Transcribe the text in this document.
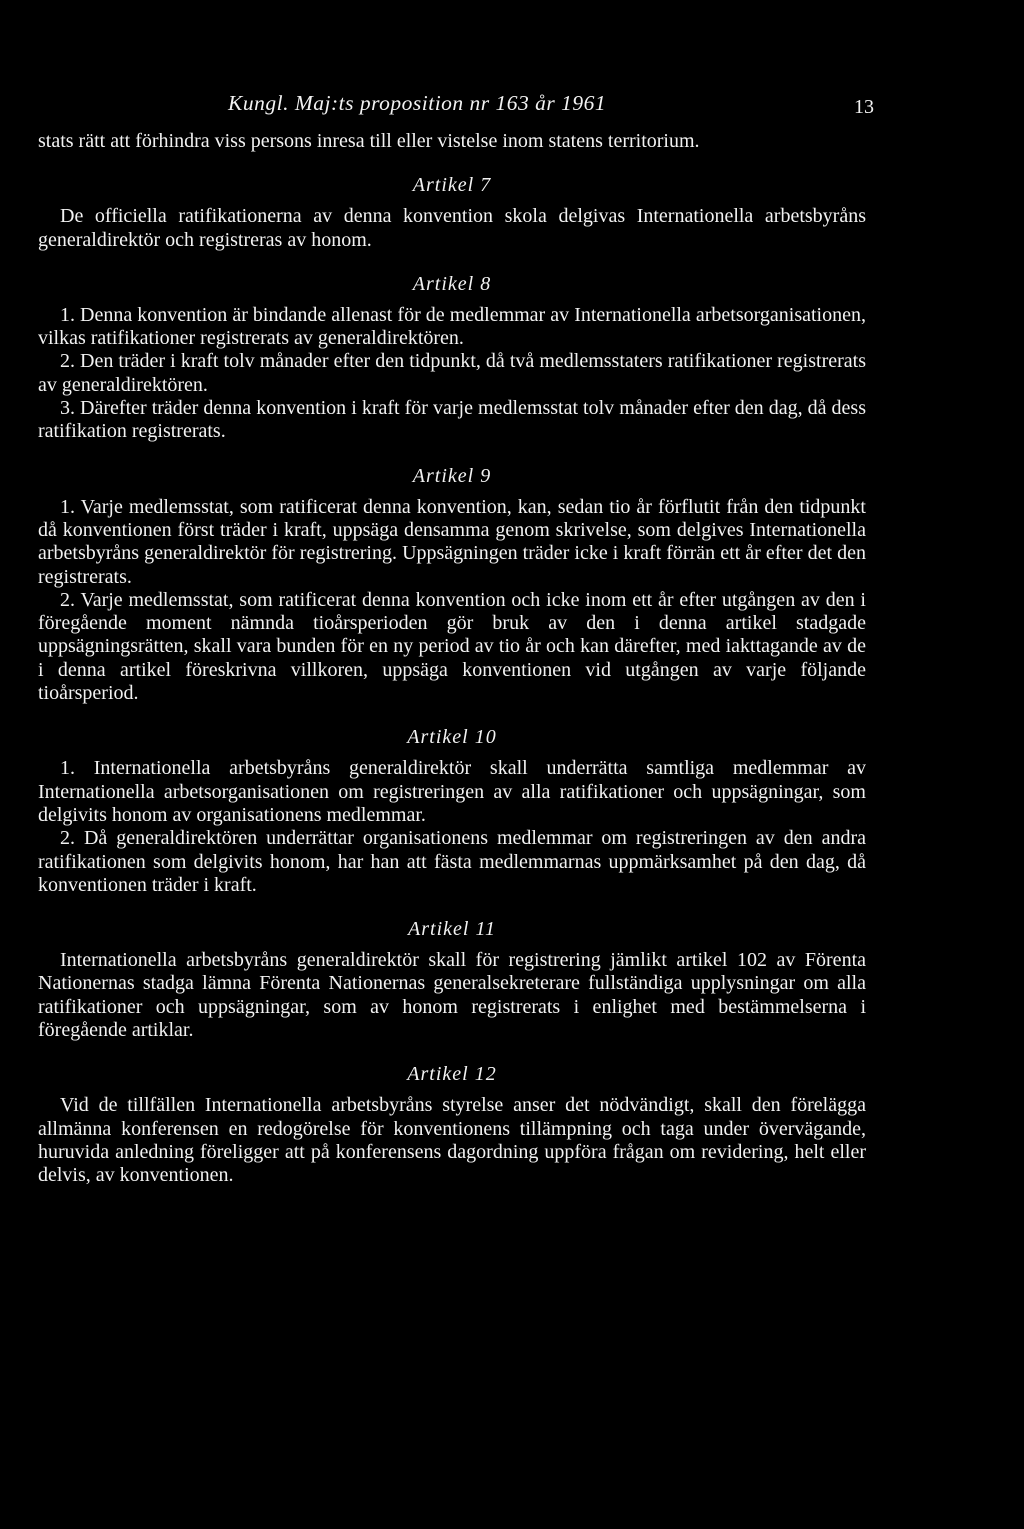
Kungl. Maj:ts proposition nr 163 år 1961	13

stats rätt att förhindra viss persons inresa till eller vistelse inom statens territorium.

Artikel 7

De officiella ratifikationerna av denna konvention skola delgivas Internationella arbetsbyråns generaldirektör och registreras av honom.

Artikel 8

1. Denna konvention är bindande allenast för de medlemmar av Internationella arbetsorganisationen, vilkas ratifikationer registrerats av generaldirektören.

2. Den träder i kraft tolv månader efter den tidpunkt, då två medlemsstaters ratifikationer registrerats av generaldirektören.

3. Därefter träder denna konvention i kraft för varje medlemsstat tolv månader efter den dag, då dess ratifikation registrerats.

Artikel 9

1. Varje medlemsstat, som ratificerat denna konvention, kan, sedan tio år förflutit från den tidpunkt då konventionen först träder i kraft, uppsäga densamma genom skrivelse, som delgives Internationella arbetsbyråns generaldirektör för registrering. Uppsägningen träder icke i kraft förrän ett år efter det den registrerats.

2. Varje medlemsstat, som ratificerat denna konvention och icke inom ett år efter utgången av den i föregående moment nämnda tioårsperioden gör bruk av den i denna artikel stadgade uppsägningsrätten, skall vara bunden för en ny period av tio år och kan därefter, med iakttagande av de i denna artikel föreskrivna villkoren, uppsäga konventionen vid utgången av varje följande tioårsperiod.

Artikel 10

1. Internationella arbetsbyråns generaldirektör skall underrätta samtliga medlemmar av Internationella arbetsorganisationen om registreringen av alla ratifikationer och uppsägningar, som delgivits honom av organisationens medlemmar.

2. Då generaldirektören underrättar organisationens medlemmar om registreringen av den andra ratifikationen som delgivits honom, har han att fästa medlemmarnas uppmärksamhet på den dag, då konventionen träder i kraft.

Artikel 11

Internationella arbetsbyråns generaldirektör skall för registrering jämlikt artikel 102 av Förenta Nationernas stadga lämna Förenta Nationernas generalsekreterare fullständiga upplysningar om alla ratifikationer och uppsägningar, som av honom registrerats i enlighet med bestämmelserna i föregående artiklar.

Artikel 12

Vid de tillfällen Internationella arbetsbyråns styrelse anser det nödvändigt, skall den förelägga allmänna konferensen en redogörelse för konventionens tillämpning och taga under övervägande, huruvida anledning föreligger att på konferensens dagordning uppföra frågan om revidering, helt eller delvis, av konventionen.
